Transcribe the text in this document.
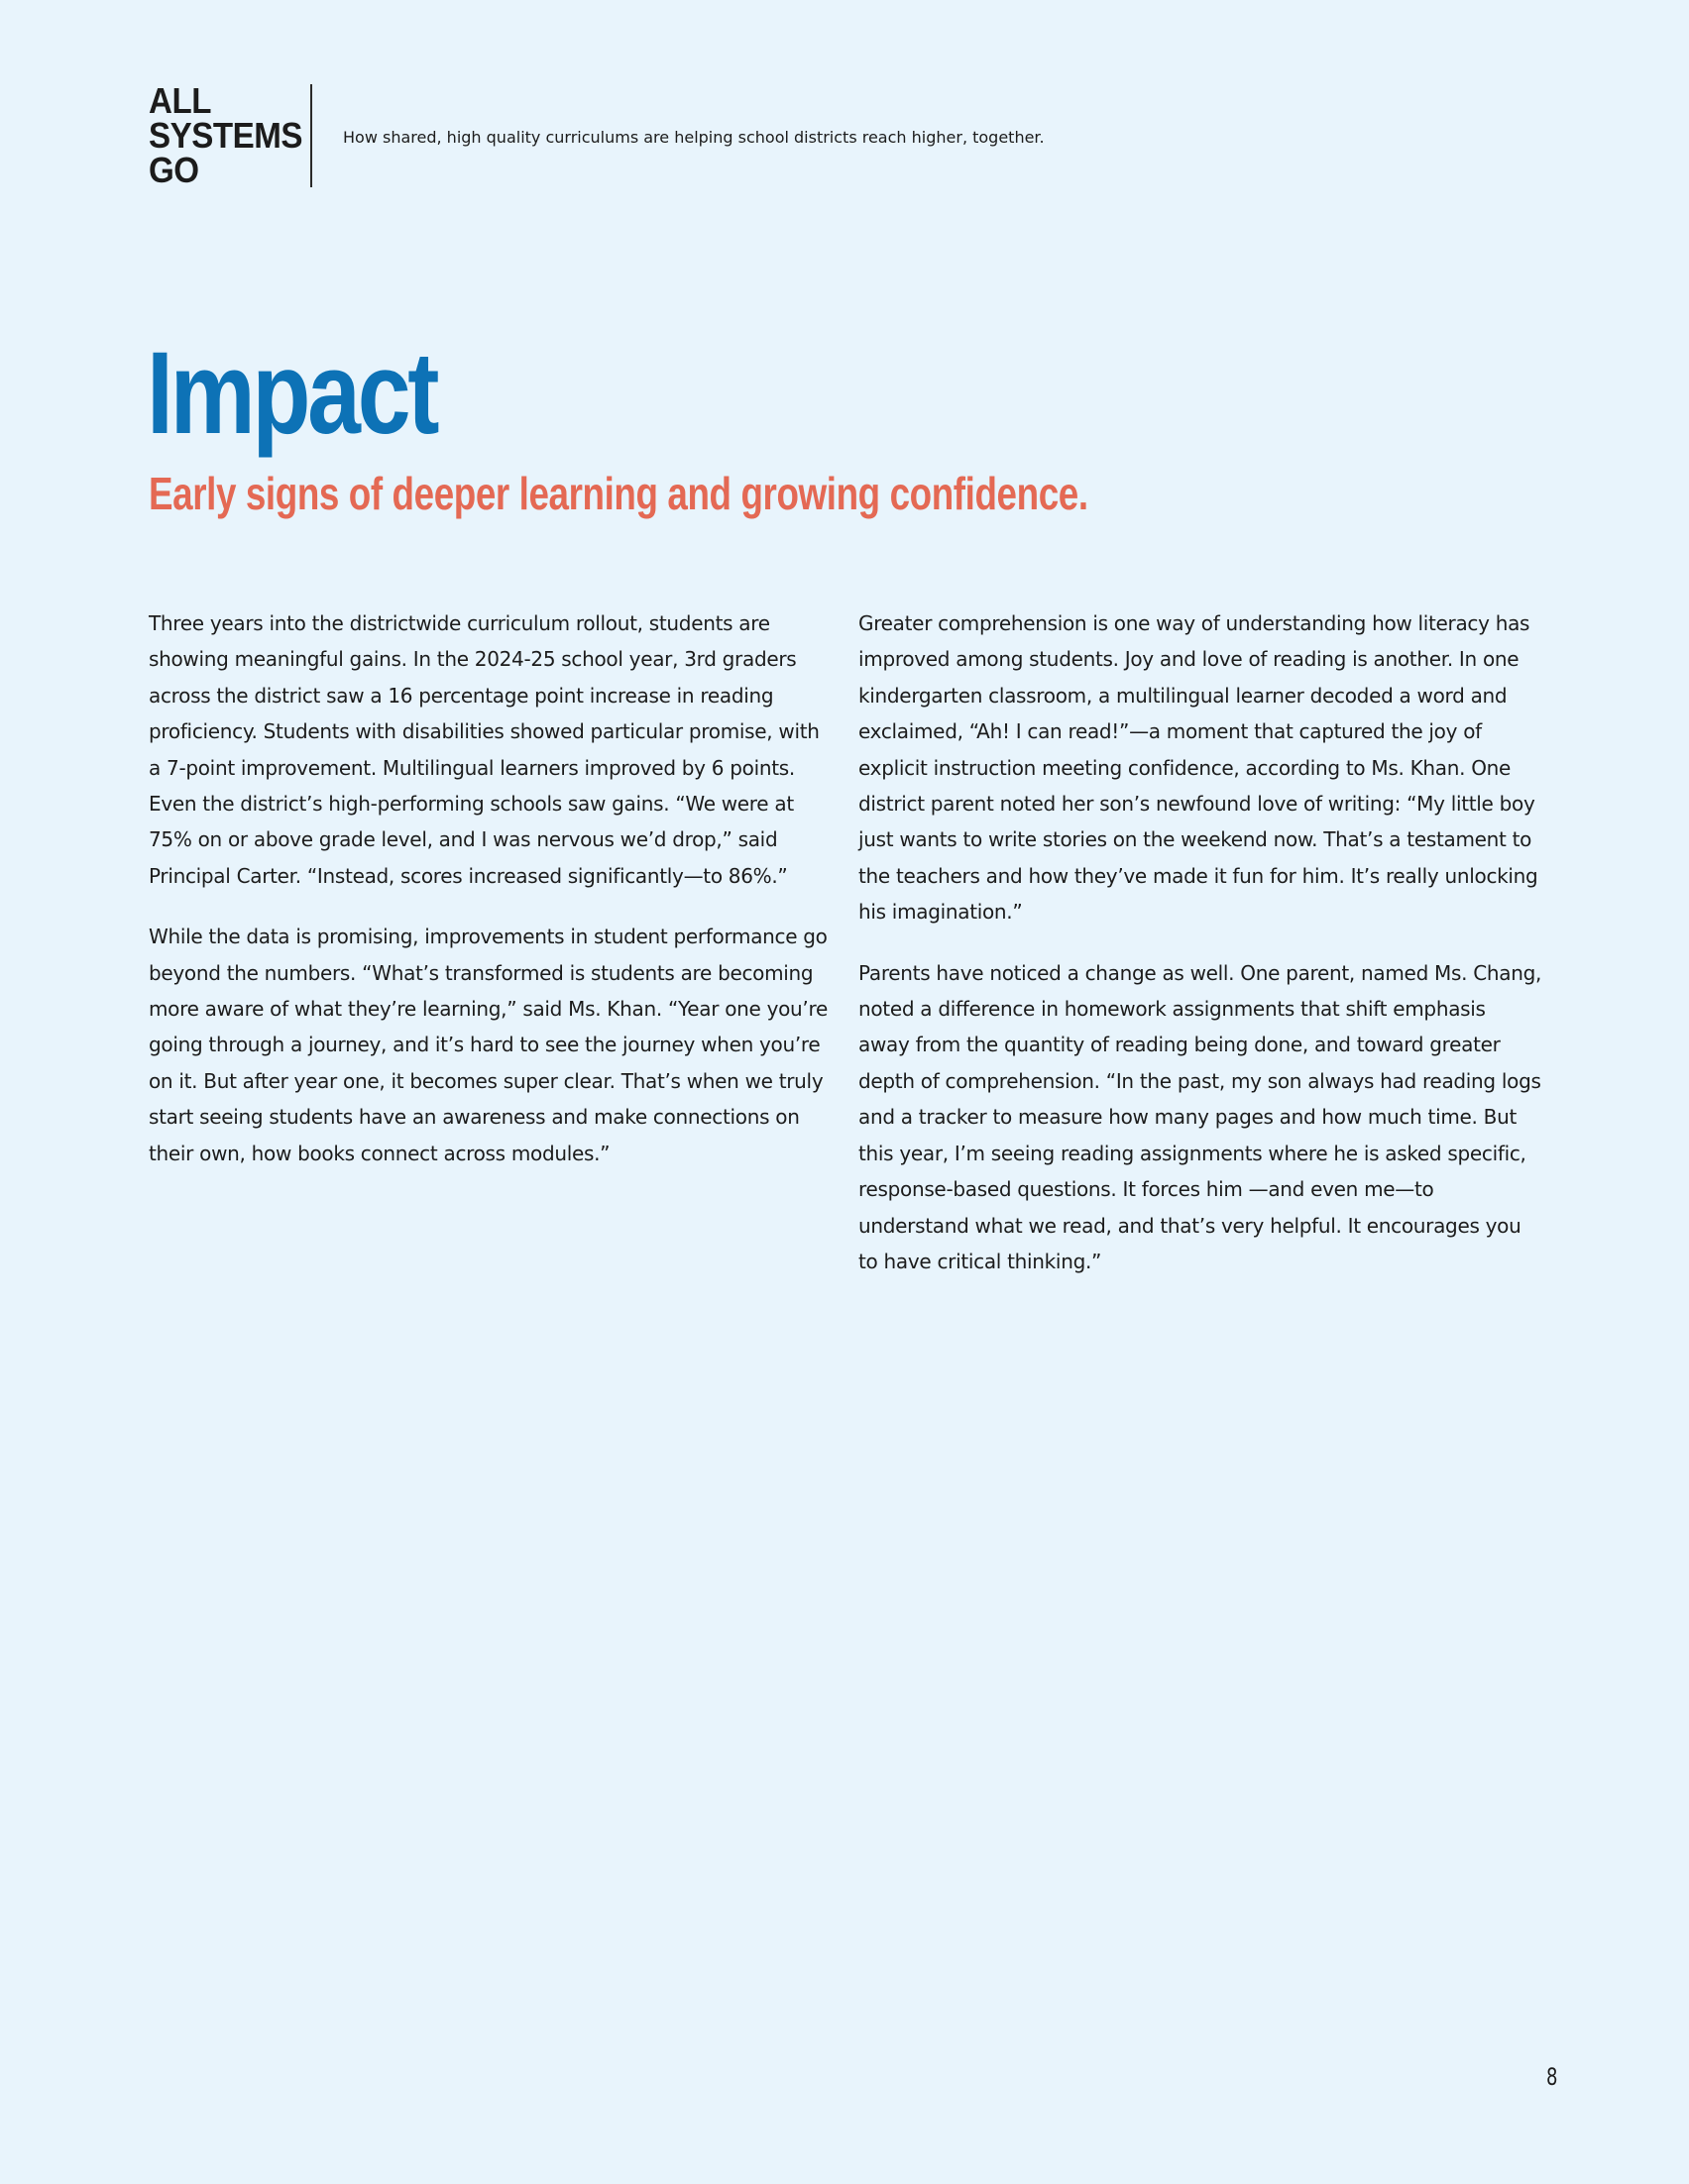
ALL
SYSTEMS
GO
How shared, high quality curriculums are helping school districts reach higher, together.
Impact
Early signs of deeper learning and growing confidence.

Three years into the districtwide curriculum rollout, students are showing meaningful gains. In the 2024-25 school year, 3rd graders across the district saw a 16 percentage point increase in reading proficiency. Students with disabilities showed particular promise, with a 7-point improvement. Multilingual learners improved by 6 points. Even the district’s high-performing schools saw gains. “We were at 75% on or above grade level, and I was nervous we’d drop,” said Principal Carter. “Instead, scores increased significantly—to 86%.”

While the data is promising, improvements in student performance go beyond the numbers. “What’s transformed is students are becoming more aware of what they’re learning,” said Ms. Khan. “Year one you’re going through a journey, and it’s hard to see the journey when you’re on it. But after year one, it becomes super clear. That’s when we truly start seeing students have an awareness and make connections on their own, how books connect across modules.”

Greater comprehension is one way of understanding how literacy has improved among students. Joy and love of reading is another. In one kindergarten classroom, a multilingual learner decoded a word and exclaimed, “Ah! I can read!”—a moment that captured the joy of explicit instruction meeting confidence, according to Ms. Khan. One district parent noted her son’s newfound love of writing: “My little boy just wants to write stories on the weekend now. That’s a testament to the teachers and how they’ve made it fun for him. It’s really unlocking his imagination.”

Parents have noticed a change as well. One parent, named Ms. Chang, noted a difference in homework assignments that shift emphasis away from the quantity of reading being done, and toward greater depth of comprehension. “In the past, my son always had reading logs and a tracker to measure how many pages and how much time. But this year, I’m seeing reading assignments where he is asked specific, response-based questions. It forces him —and even me—to understand what we read, and that’s very helpful. It encourages you to have critical thinking.”

8
